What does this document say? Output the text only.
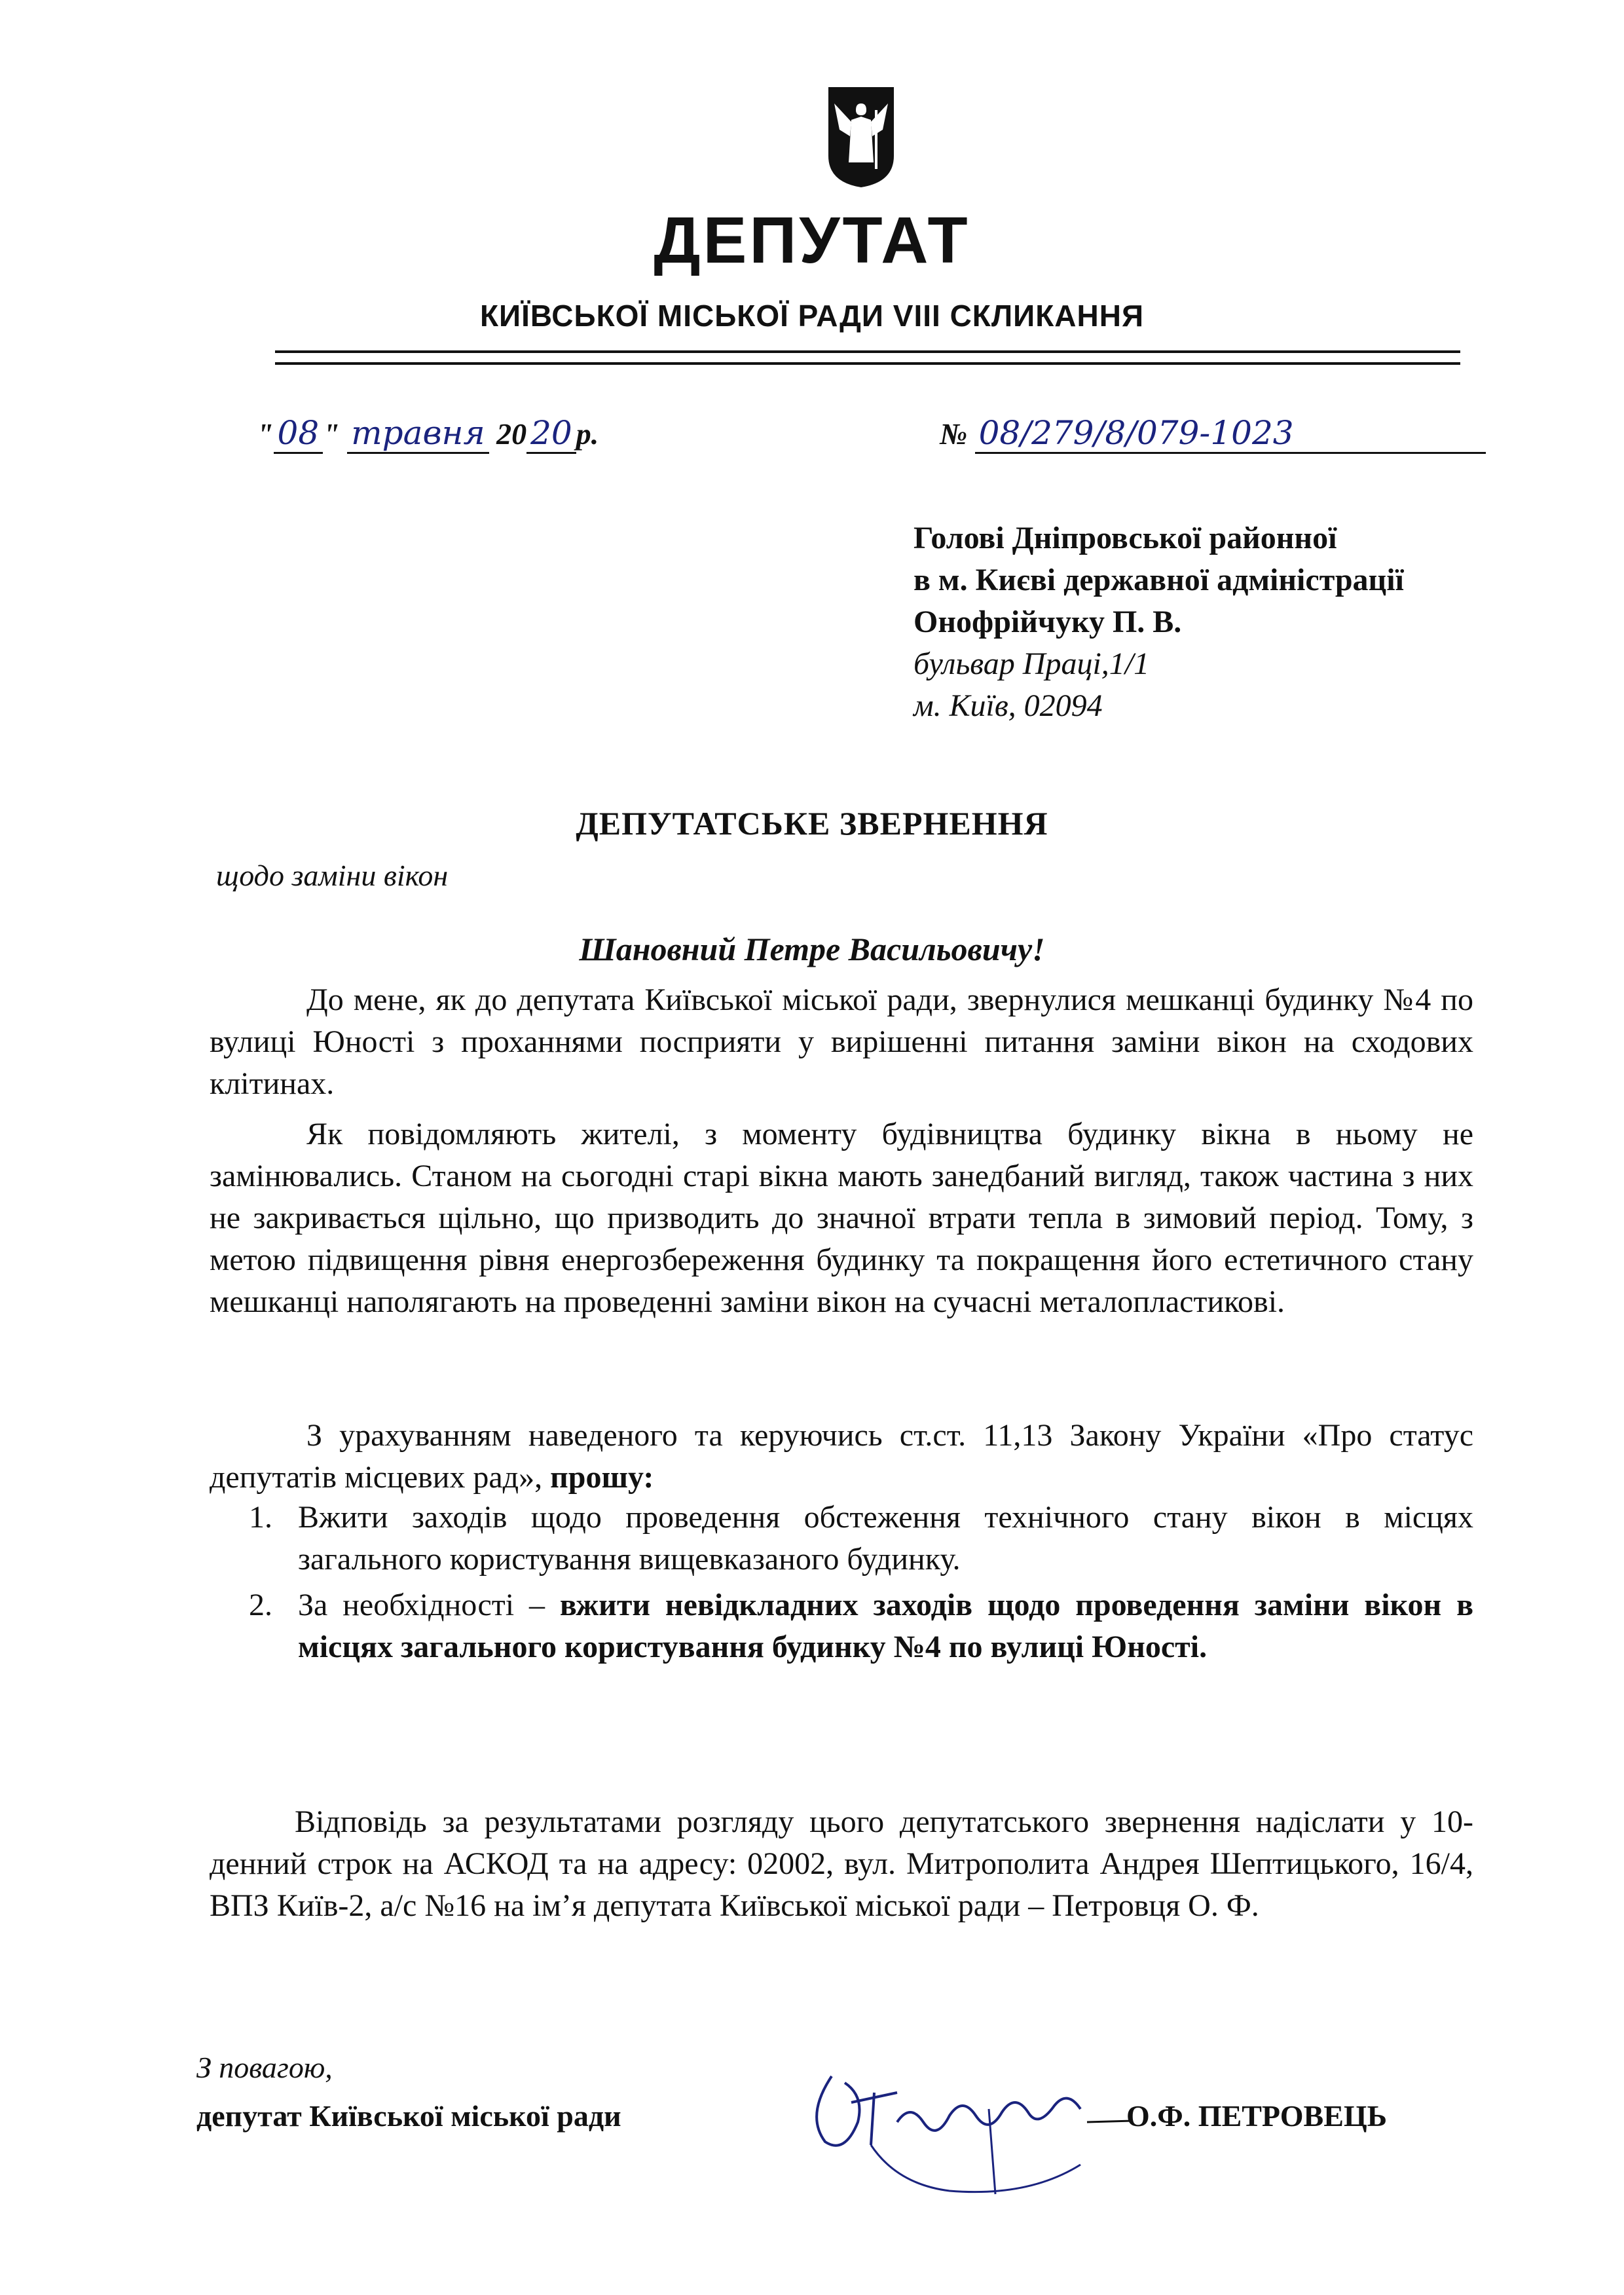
ДЕПУТАТ
КИЇВСЬКОЇ МІСЬКОЇ РАДИ VIII СКЛИКАННЯ
" 08 " травня 20 20 р.	№ 08/279/8/079-1023
Голові Дніпровської районної
в м. Києві державної адміністрації
Онофрійчуку П. В.
бульвар Праці,1/1
м. Київ, 02094
ДЕПУТАТСЬКЕ ЗВЕРНЕННЯ
щодо заміни вікон
Шановний Петре Васильовичу!

До мене, як до депутата Київської міської ради, звернулися мешканці будинку №4 по вулиці Юності з проханнями посприяти у вирішенні питання заміни вікон на сходових клітинах.

Як повідомляють жителі, з моменту будівництва будинку вікна в ньому не замінювались. Станом на сьогодні старі вікна мають занедбаний вигляд, також частина з них не закривається щільно, що призводить до значної втрати тепла в зимовий період. Тому, з метою підвищення рівня енергозбереження будинку та покращення його естетичного стану мешканці наполягають на проведенні заміни вікон на сучасні металопластикові.

З урахуванням наведеного та керуючись ст.ст. 11,13 Закону України «Про статус депутатів місцевих рад», прошу:

1. Вжити заходів щодо проведення обстеження технічного стану вікон в місцях загального користування вищевказаного будинку.
2. За необхідності – вжити невідкладних заходів щодо проведення заміни вікон в місцях загального користування будинку №4 по вулиці Юності.

Відповідь за результатами розгляду цього депутатського звернення надіслати у 10-денний строк на АСКОД та на адресу: 02002, вул. Митрополита Андрея Шептицького, 16/4, ВПЗ Київ-2, а/с №16 на ім’я депутата Київської міської ради – Петровця О. Ф.

З повагою,
депутат Київської міської ради	О.Ф. ПЕТРОВЕЦЬ
